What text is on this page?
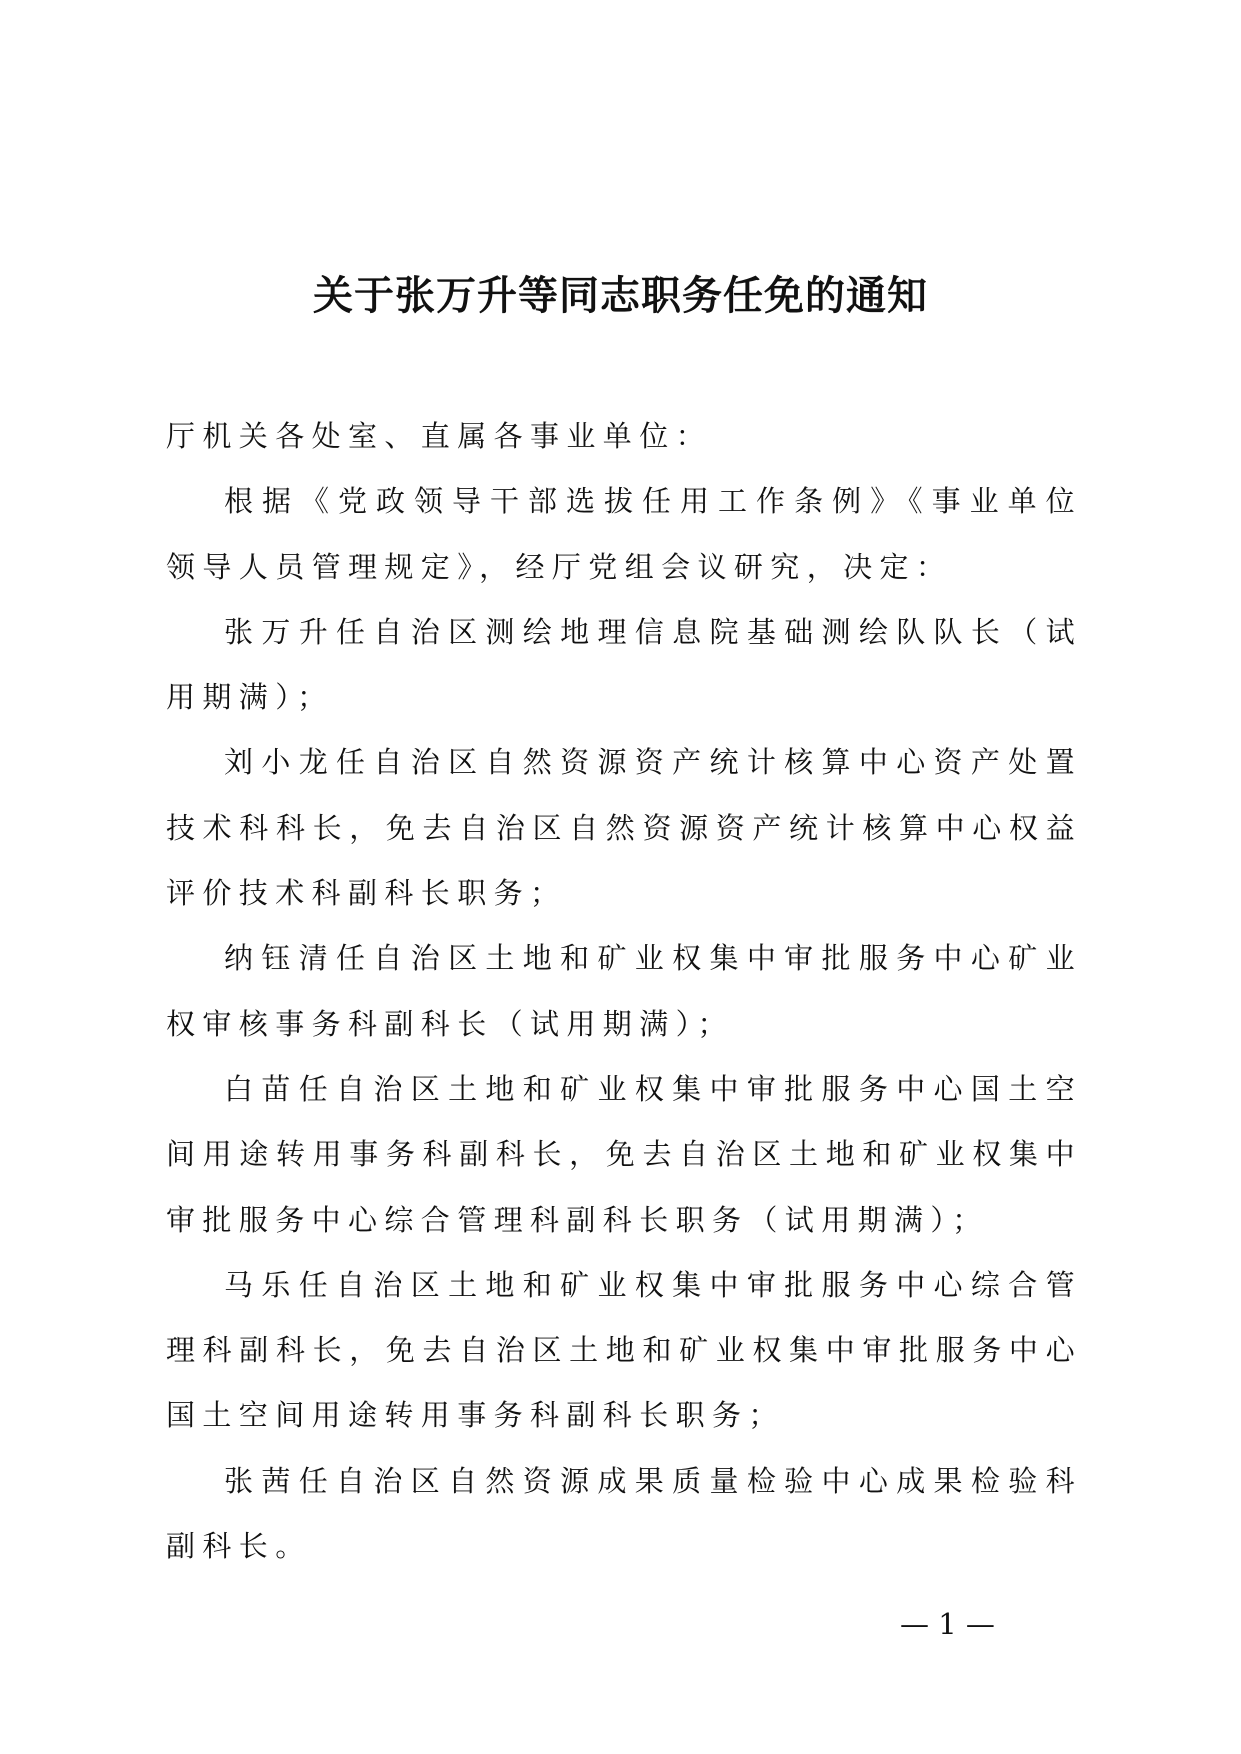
关于张万升等同志职务任免的通知

厅机关各处室、直属各事业单位：

根据《党政领导干部选拔任用工作条例》《事业单位领导人员管理规定》，经厅党组会议研究，决定：

张万升任自治区测绘地理信息院基础测绘队队长（试用期满）；

刘小龙任自治区自然资源资产统计核算中心资产处置技术科科长，免去自治区自然资源资产统计核算中心权益评价技术科副科长职务；

纳钰清任自治区土地和矿业权集中审批服务中心矿业权审核事务科副科长（试用期满）；

白苗任自治区土地和矿业权集中审批服务中心国土空间用途转用事务科副科长，免去自治区土地和矿业权集中审批服务中心综合管理科副科长职务（试用期满）；

马乐任自治区土地和矿业权集中审批服务中心综合管理科副科长，免去自治区土地和矿业权集中审批服务中心国土空间用途转用事务科副科长职务；

张茜任自治区自然资源成果质量检验中心成果检验科副科长。

— 1 —
